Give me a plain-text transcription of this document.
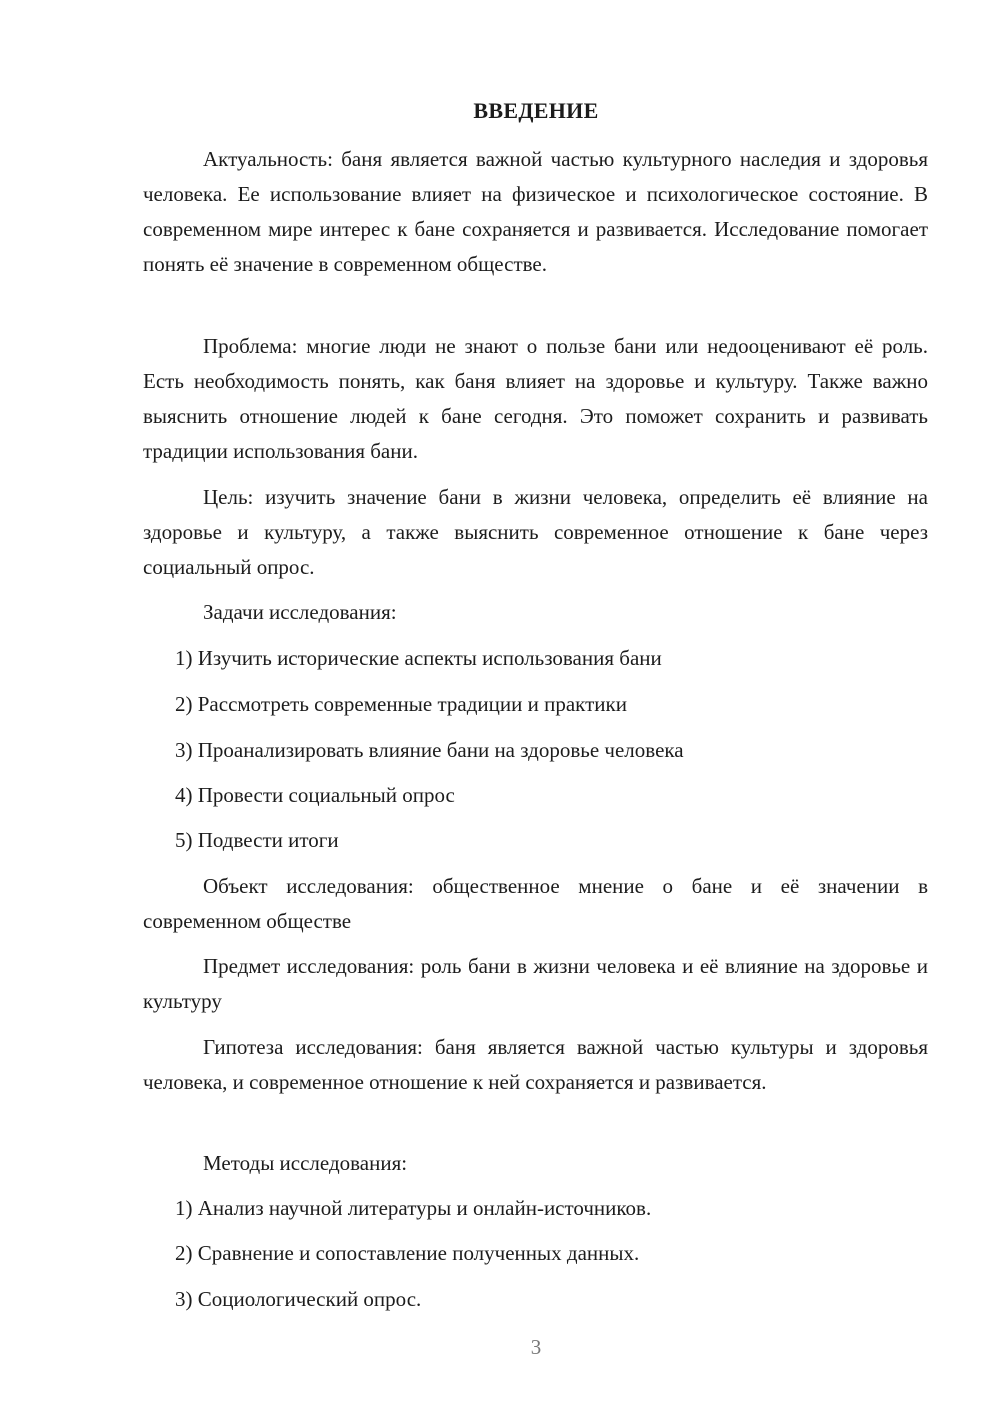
ВВЕДЕНИЕ

Актуальность: баня является важной частью культурного наследия и здоровья человека. Ее использование влияет на физическое и психологическое состояние. В современном мире интерес к бане сохраняется и развивается. Исследование помогает понять её значение в современном обществе.

Проблема: многие люди не знают о пользе бани или недооценивают её роль. Есть необходимость понять, как баня влияет на здоровье и культуру. Также важно выяснить отношение людей к бане сегодня. Это поможет сохранить и развивать традиции использования бани.

Цель: изучить значение бани в жизни человека, определить её влияние на здоровье и культуру, а также выяснить современное отношение к бане через социальный опрос.

Задачи исследования:

1) Изучить исторические аспекты использования бани

2) Рассмотреть современные традиции и практики

3) Проанализировать влияние бани на здоровье человека

4) Провести социальный опрос

5) Подвести итоги

Объект исследования: общественное мнение о бане и её значении в современном обществе

Предмет исследования: роль бани в жизни человека и её влияние на здоровье и культуру

Гипотеза исследования: баня является важной частью культуры и здоровья человека, и современное отношение к ней сохраняется и развивается.

Методы исследования:

1) Анализ научной литературы и онлайн-источников.

2) Сравнение и сопоставление полученных данных.

3) Социологический опрос.

3
